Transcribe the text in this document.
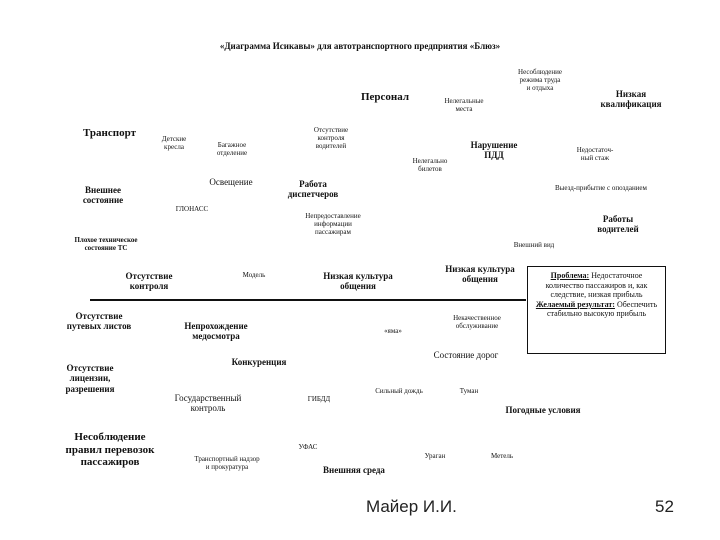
«Диаграмма Исикавы» для автотранспортного предприятия «Блюз»
Персонал
Транспорт
Несоблюдение
режима труда
и отдыха
Низкая
квалификация
Нелегальные
места
Детские
кресла	Багажное
отделение
Отсутствие
контроля
водителей	Нарушение
ПДД
Нелегально
билетов
Недостаточ-
ный стаж
Внешнее
состояние
Освещение	Работа
диспетчеров
Выезд-прибытие с опозданием
ГЛОНАСС
Непредоставление
информации
пассажирам
Работы
водителей
Плохое техническое
состояние ТС	Внешний вид
Отсутствие
контроля
Модель	Низкая культура
общения
Низкая культура
общения	Проблема: Недостаточное количество пассажиров и, как следствие, низкая прибыль
Желаемый результат: Обеспечить стабильно высокую прибыль
Отсутствие
путевых листов	Непрохождение
медосмотра
«яма»
Некачественное
обслуживание
Состояние дорог
Отсутствие
лицензии,
разрешения
Конкуренция
Государственный
контроль
ГИБДД
Сильный дождь	Туман
Погодные условия
Несоблюдение
правил перевозок
пассажиров	Транспортный надзор
и прокуратура
УФАС
Внешняя среда
Ураган	Метель
Майер И.И.	52
